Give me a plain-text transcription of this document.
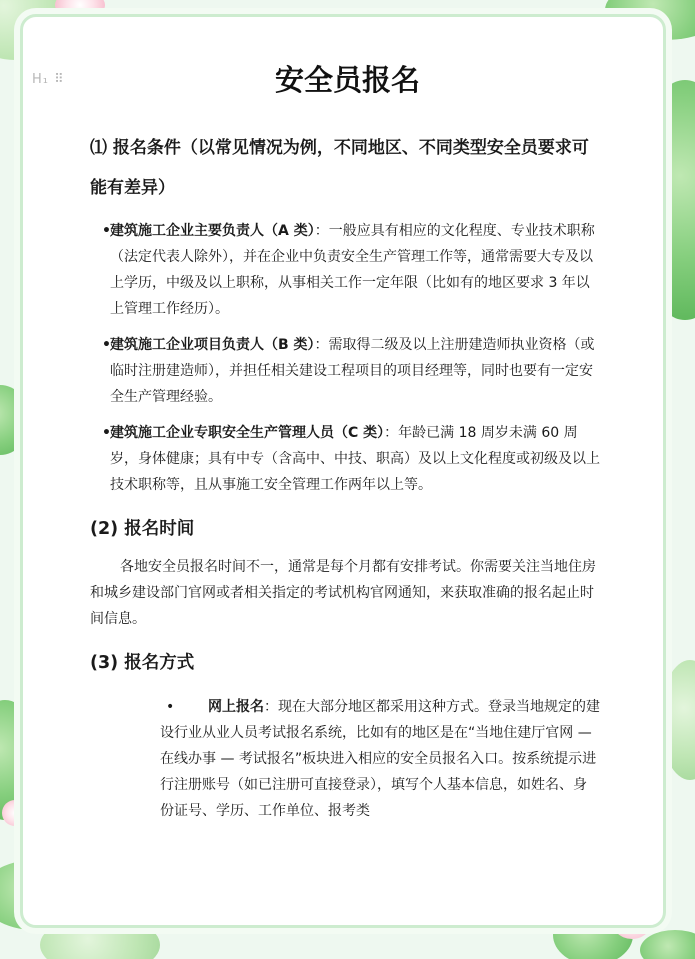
H₁ ⠿	安全员报名

⑴ 报名条件（以常见情况为例，不同地区、不同类型安全员要求可能有差异）

• 建筑施工企业主要负责人（A 类）：一般应具有相应的文化程度、专业技术职称（法定代表人除外），并在企业中负责安全生产管理工作等，通常需要大专及以上学历，中级及以上职称，从事相关工作一定年限（比如有的地区要求 3 年以上管理工作经历）。
• 建筑施工企业项目负责人（B 类）：需取得二级及以上注册建造师执业资格（或临时注册建造师），并担任相关建设工程项目的项目经理等，同时也要有一定安全生产管理经验。
• 建筑施工企业专职安全生产管理人员（C 类）：年龄已满 18 周岁未满 60 周岁，身体健康；具有中专（含高中、中技、职高）及以上文化程度或初级及以上技术职称等，且从事施工安全管理工作两年以上等。
(2) 报名时间

各地安全员报名时间不一，通常是每个月都有安排考试。你需要关注当地住房和城乡建设部门官网或者相关指定的考试机构官网通知，来获取准确的报名起止时间信息。

(3) 报名方式
• 网上报名：现在大部分地区都采用这种方式。登录当地规定的建设行业从业人员考试报名系统，比如有的地区是在“当地住建厅官网 — 在线办事 — 考试报名”板块进入相应的安全员报名入口。按系统提示进行注册账号（如已注册可直接登录），填写个人基本信息，如姓名、身份证号、学历、工作单位、报考类
